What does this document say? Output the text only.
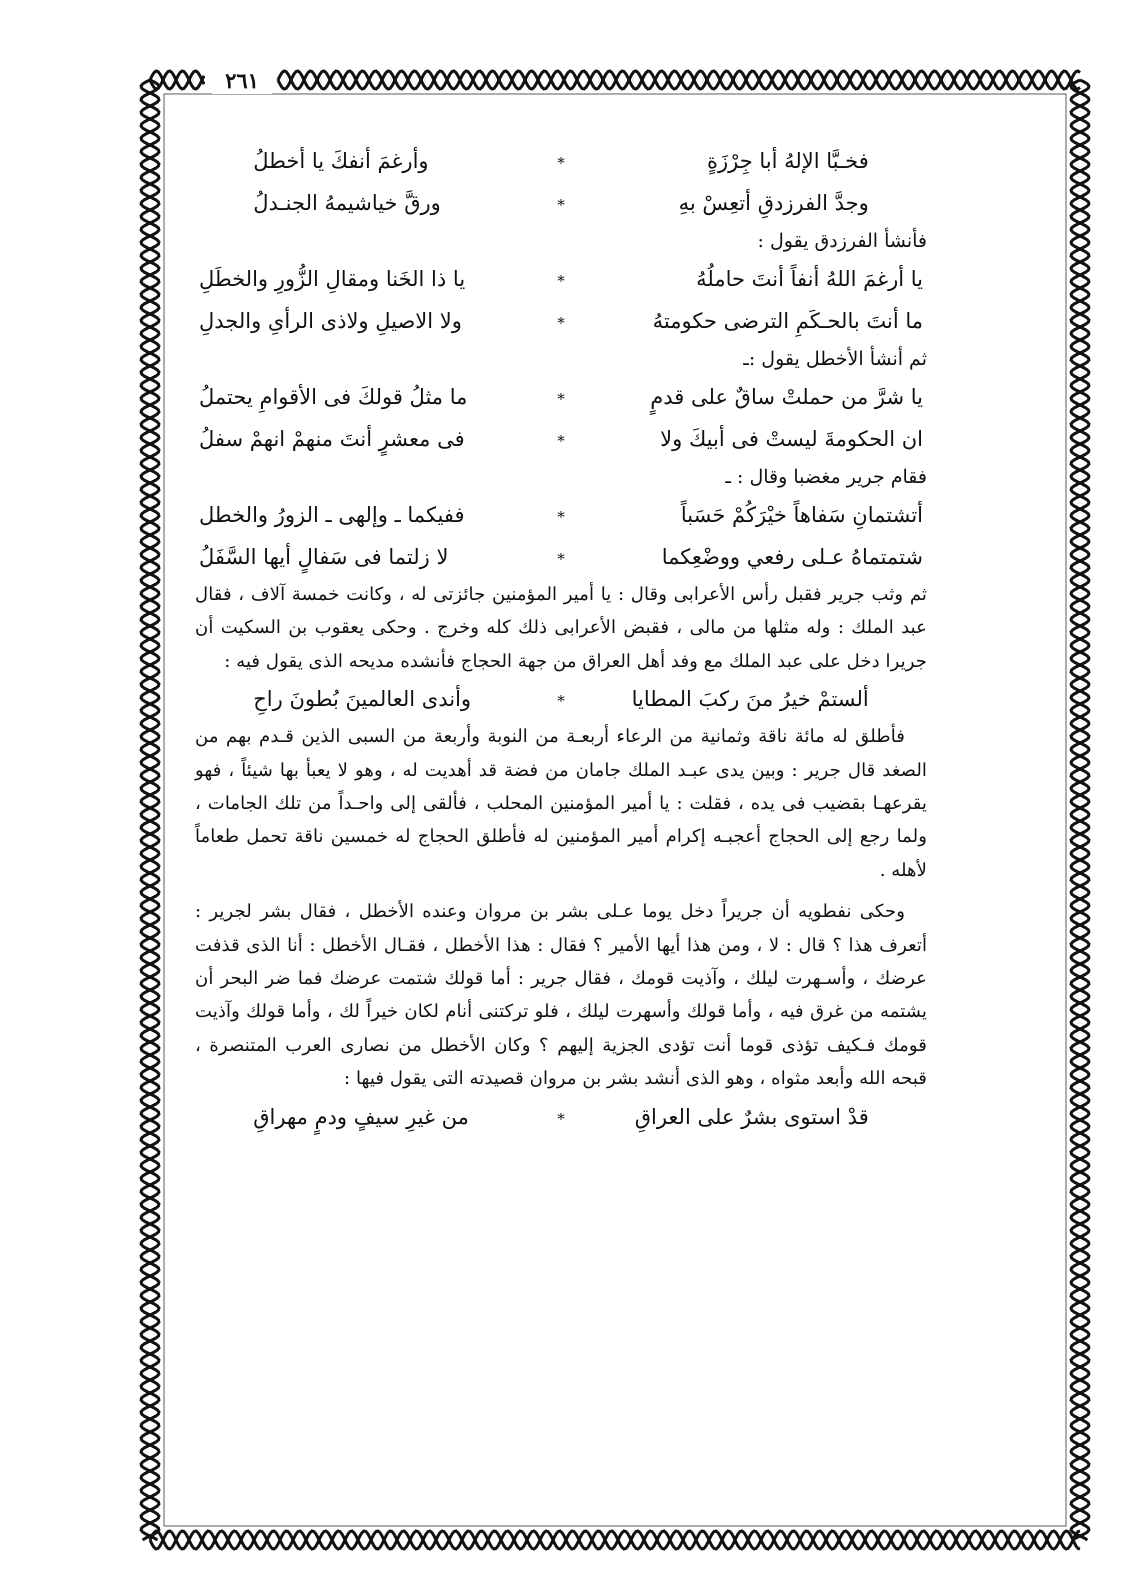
٢٦١
فخـبَّا الإلهُ أبا جِرْزَةٍ
*
وأرغمَ أنفكَ يا أخطلُ
وجدَّ الفرزدقِ أتعِسْ بهِ
*
ورقَّ خياشيمهُ الجنـدلُ
فأنشأ الفرزدق يقول :
يا أرغمَ اللهُ أنفاً أنتَ حاملُهُ
*
يا ذا الخَنا ومقالِ الزُّورِ والخطَلِ
ما أنتَ بالحـكَمِ الترضى حكومتهُ
*
ولا الاصيلِ ولاذى الرأىِ والجدلِ
ثم أنشأ الأخطل يقول :ـ
يا شرَّ من حملتْ ساقٌ على قدمٍ
*
ما مثلُ قولكَ فى الأقوامِ يحتملُ
ان الحكومةَ ليستْ فى أبيكَ ولا
*
فى معشرٍ أنتَ منهمْ انهمْ سفلُ
فقام جرير مغضبا وقال : ـ
أتشتمانِ سَفاهاً خيْرَكُمْ حَسَباً
*
ففيكما ـ وإلهى ـ الزورُ والخطل
شتمتماهُ عـلى رفعي ووضْعِكما
*
لا زلتما فى سَفالٍ أيها السَّفَلُ

ثم وثب جرير فقبل رأس الأعرابى وقال : يا أمير المؤمنين جائزتى له ، وكانت خمسة آلاف ، فقال عبد الملك : وله مثلها من مالى ، فقبض الأعرابى ذلك كله وخرج . وحكى يعقوب بن السكيت أن جريرا دخل على عبد الملك مع وفد أهل العراق من جهة الحجاج فأنشده مديحه الذى يقول فيه :

ألستمْ خيرُ منَ ركبَ المطايا
*
وأندى العالمينَ بُطونَ راحِ

فأطلق له مائة ناقة وثمانية من الرعاء أربعـة من النوبة وأربعة من السبى الذين قـدم بهم من الصغد قال جرير : وبين يدى عبـد الملك جامان من فضة قد أهديت له ، وهو لا يعبأ بها شيئاً ، فهو يقرعهـا بقضيب فى يده ، فقلت : يا أمير المؤمنين المحلب ، فألقى إلى واحـداً من تلك الجامات ، ولما رجع إلى الحجاج أعجبـه إكرام أمير المؤمنين له فأطلق الحجاج له خمسين ناقة تحمل طعاماً لأهله .

وحكى نفطويه أن جريراً دخل يوما عـلى بشر بن مروان وعنده الأخطل ، فقال بشر لجرير : أتعرف هذا ؟ قال : لا ، ومن هذا أيها الأمير ؟ فقال : هذا الأخطل ، فقـال الأخطل : أنا الذى قذفت عرضك ، وأسـهرت ليلك ، وآذيت قومك ، فقال جرير : أما قولك شتمت عرضك فما ضر البحر أن يشتمه من غرق فيه ، وأما قولك وأسهرت ليلك ، فلو تركتنى أنام لكان خيراً لك ، وأما قولك وآذيت قومك فـكيف تؤذى قوما أنت تؤدى الجزية إليهم ؟ وكان الأخطل من نصارى العرب المتنصرة ، قبحه الله وأبعد مثواه ، وهو الذى أنشد بشر بن مروان قصيدته التى يقول فيها :

قدْ استوى بشرٌ على العراقِ
*
من غيرِ سيفٍ ودمٍ مهراقِ
